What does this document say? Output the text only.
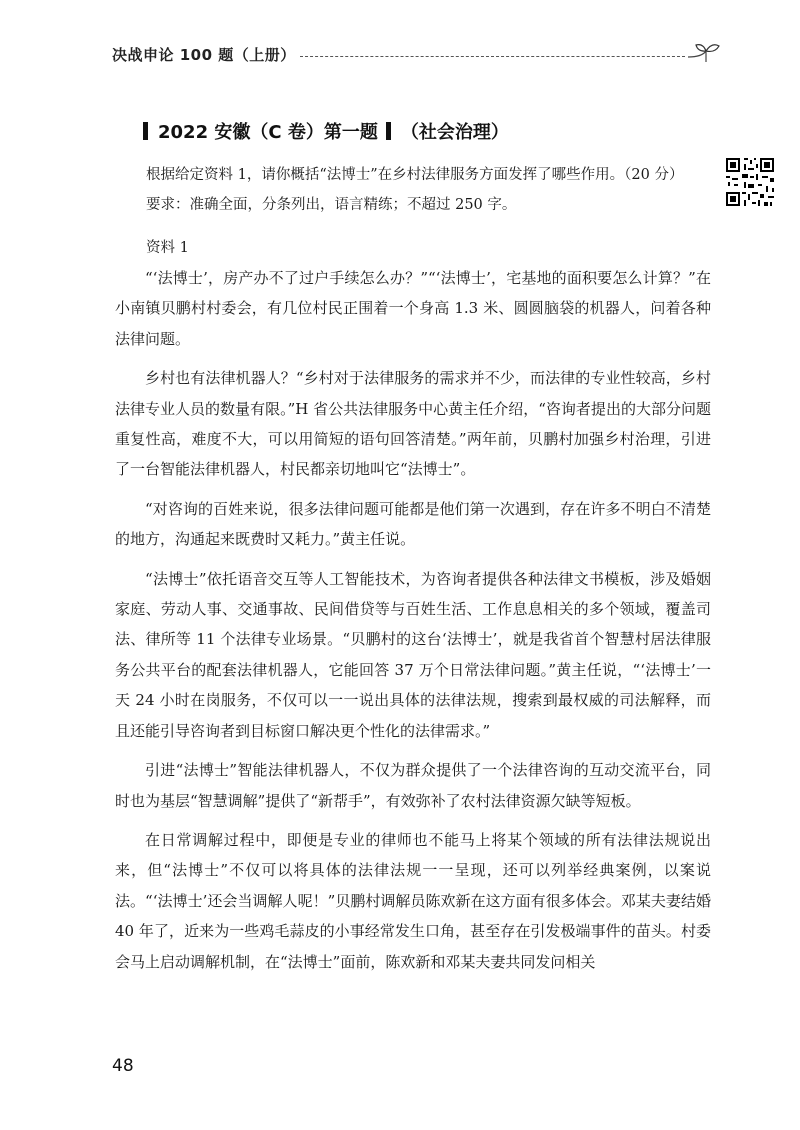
决战申论 100 题（上册）
2022 安徽（C 卷）第一题 （社会治理）

根据给定资料 1，请你概括“法博士”在乡村法律服务方面发挥了哪些作用。（20 分）

要求：准确全面，分条列出，语言精练；不超过 250 字。

资料 1

“‘法博士’，房产办不了过户手续怎么办？”“‘法博士’，宅基地的面积要怎么计算？”在小南镇贝鹏村村委会，有几位村民正围着一个身高 1.3 米、圆圆脑袋的机器人，问着各种法律问题。

乡村也有法律机器人？“乡村对于法律服务的需求并不少，而法律的专业性较高，乡村法律专业人员的数量有限。”H 省公共法律服务中心黄主任介绍，“咨询者提出的大部分问题重复性高，难度不大，可以用简短的语句回答清楚。”两年前，贝鹏村加强乡村治理，引进了一台智能法律机器人，村民都亲切地叫它“法博士”。

“对咨询的百姓来说，很多法律问题可能都是他们第一次遇到，存在许多不明白不清楚的地方，沟通起来既费时又耗力。”黄主任说。

“法博士”依托语音交互等人工智能技术，为咨询者提供各种法律文书模板，涉及婚姻家庭、劳动人事、交通事故、民间借贷等与百姓生活、工作息息相关的多个领域，覆盖司法、律所等 11 个法律专业场景。“贝鹏村的这台‘法博士’，就是我省首个智慧村居法律服务公共平台的配套法律机器人，它能回答 37 万个日常法律问题。”黄主任说，“‘法博士’一天 24 小时在岗服务，不仅可以一一说出具体的法律法规，搜索到最权威的司法解释，而且还能引导咨询者到目标窗口解决更个性化的法律需求。”

引进“法博士”智能法律机器人，不仅为群众提供了一个法律咨询的互动交流平台，同时也为基层“智慧调解”提供了“新帮手”，有效弥补了农村法律资源欠缺等短板。

在日常调解过程中，即便是专业的律师也不能马上将某个领域的所有法律法规说出来，但“法博士”不仅可以将具体的法律法规一一呈现，还可以列举经典案例，以案说法。“‘法博士’还会当调解人呢！”贝鹏村调解员陈欢新在这方面有很多体会。邓某夫妻结婚 40 年了，近来为一些鸡毛蒜皮的小事经常发生口角，甚至存在引发极端事件的苗头。村委会马上启动调解机制，在“法博士”面前，陈欢新和邓某夫妻共同发问相关

48
